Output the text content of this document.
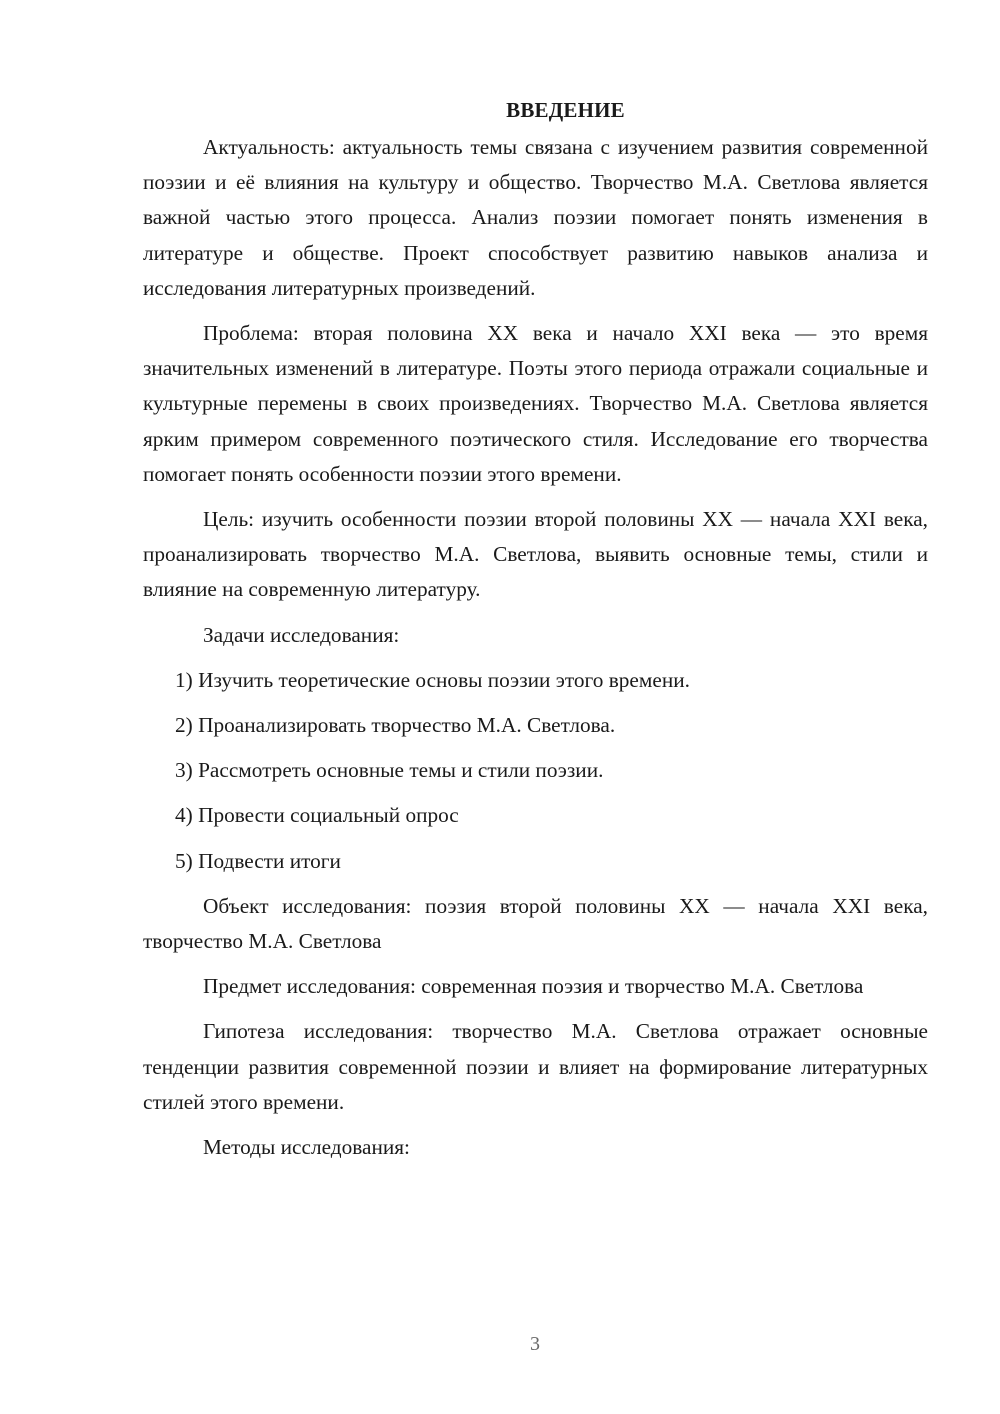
ВВЕДЕНИЕ

Актуальность: актуальность темы связана с изучением развития современной поэзии и её влияния на культуру и общество. Творчество М.А. Светлова является важной частью этого процесса. Анализ поэзии помогает понять изменения в литературе и обществе. Проект способствует развитию навыков анализа и исследования литературных произведений.

Проблема: вторая половина XX века и начало XXI века — это время значительных изменений в литературе. Поэты этого периода отражали социальные и культурные перемены в своих произведениях. Творчество М.А. Светлова является ярким примером современного поэтического стиля. Исследование его творчества помогает понять особенности поэзии этого времени.

Цель: изучить особенности поэзии второй половины XX — начала XXI века, проанализировать творчество М.А. Светлова, выявить основные темы, стили и влияние на современную литературу.

Задачи исследования:

1) Изучить теоретические основы поэзии этого времени.
2) Проанализировать творчество М.А. Светлова.
3) Рассмотреть основные темы и стили поэзии.
4) Провести социальный опрос
5) Подвести итоги

Объект исследования: поэзия второй половины XX — начала XXI века, творчество М.А. Светлова

Предмет исследования: современная поэзия и творчество М.А. Светлова

Гипотеза исследования: творчество М.А. Светлова отражает основные тенденции развития современной поэзии и влияет на формирование литературных стилей этого времени.

Методы исследования:

3
